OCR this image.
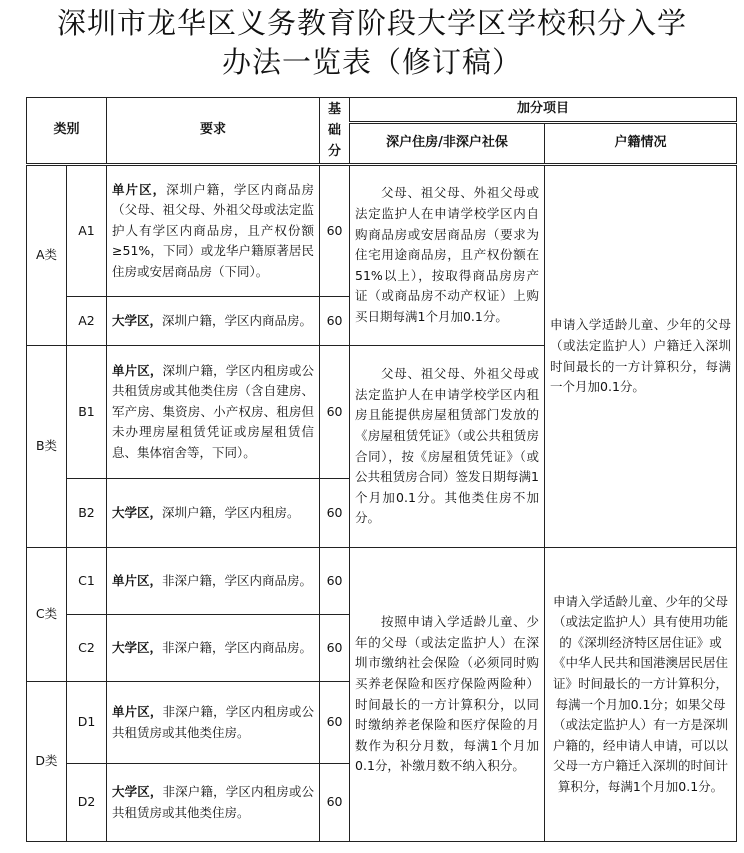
深圳市龙华区义务教育阶段大学区学校积分入学
办法一览表（修订稿）
类别		要求	基础分	加分项目	
				深户住房/非深户社保	户籍情况
A类	A1	单片区，深圳户籍，学区内商品房（父母、祖父母、外祖父母或法定监护人有学区内商品房，且产权份额≥51%，下同）或龙华户籍原著居民住房或安居商品房（下同）。	60	父母、祖父母、外祖父母或法定监护人在申请学校学区内自购商品房或安居商品房（要求为住宅用途商品房，且产权份额在51%以上），按取得商品房房产证（或商品房不动产权证）上购买日期每满1个月加0.1分。	申请入学适龄儿童、少年的父母（或法定监护人）户籍迁入深圳时间最长的一方计算积分，每满一个月加0.1分。
	A2	大学区，深圳户籍，学区内商品房。	60		
B类	B1	单片区，深圳户籍，学区内租房或公共租赁房或其他类住房（含自建房、军产房、集资房、小产权房、租房但未办理房屋租赁凭证或房屋租赁信息、集体宿舍等，下同）。	60	父母、祖父母、外祖父母或法定监护人在申请学校学区内租房且能提供房屋租赁部门发放的《房屋租赁凭证》（或公共租赁房合同），按《房屋租赁凭证》（或公共租赁房合同）签发日期每满1个月加0.1分。其他类住房不加分。	
	B2	大学区，深圳户籍，学区内租房。	60		
C类	C1	单片区，非深户籍，学区内商品房。	60	按照申请入学适龄儿童、少年的父母（或法定监护人）在深圳市缴纳社会保险（必须同时购买养老保险和医疗保险两险种）时间最长的一方计算积分，以同时缴纳养老保险和医疗保险的月数作为积分月数，每满1个月加0.1分，补缴月数不纳入积分。	申请入学适龄儿童、少年的父母（或法定监护人）具有使用功能的《深圳经济特区居住证》或《中华人民共和国港澳居民居住证》时间最长的一方计算积分，每满一个月加0.1分；如果父母（或法定监护人）有一方是深圳户籍的，经申请人申请，可以以父母一方户籍迁入深圳的时间计算积分，每满1个月加0.1分。
	C2	大学区，非深户籍，学区内商品房。	60		
D类	D1	单片区，非深户籍，学区内租房或公共租赁房或其他类住房。	60		
	D2	大学区，非深户籍，学区内租房或公共租赁房或其他类住房。	60		
